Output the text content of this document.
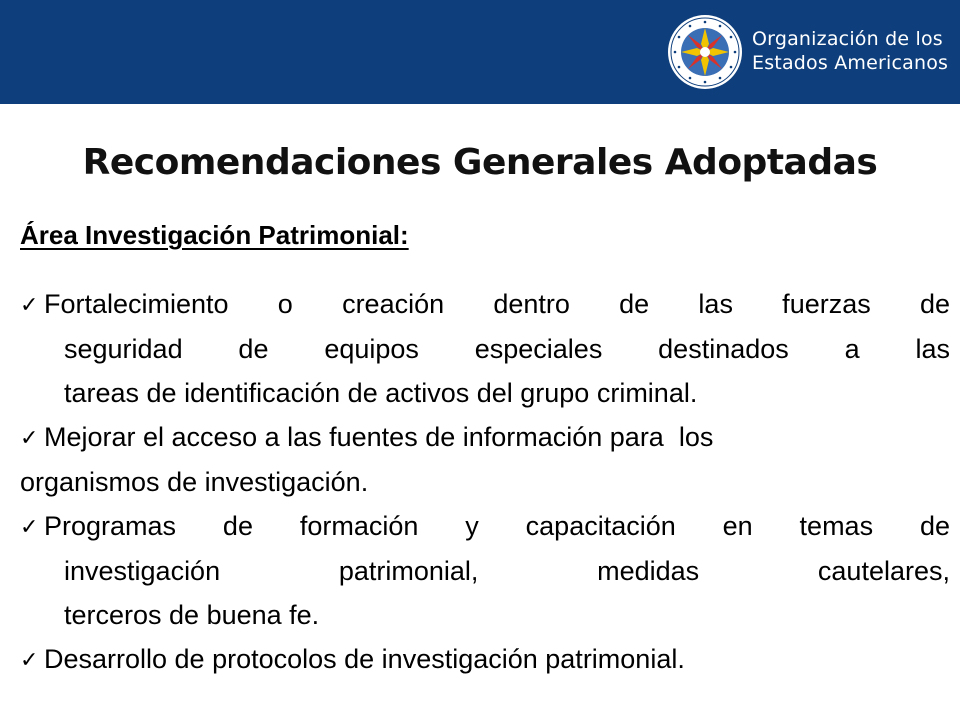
Organización de los
Estados Americanos
Recomendaciones Generales Adoptadas
Área Investigación Patrimonial:
✓ Fortalecimiento o creación dentro de las fuerzas de
seguridad de equipos especiales destinados a las
tareas de identificación de activos del grupo criminal.
✓ Mejorar el acceso a las fuentes de información para  los
organismos de investigación.
✓ Programas de formación y capacitación en temas de
investigación patrimonial, medidas cautelares,
terceros de buena fe.
✓ Desarrollo de protocolos de investigación patrimonial.
